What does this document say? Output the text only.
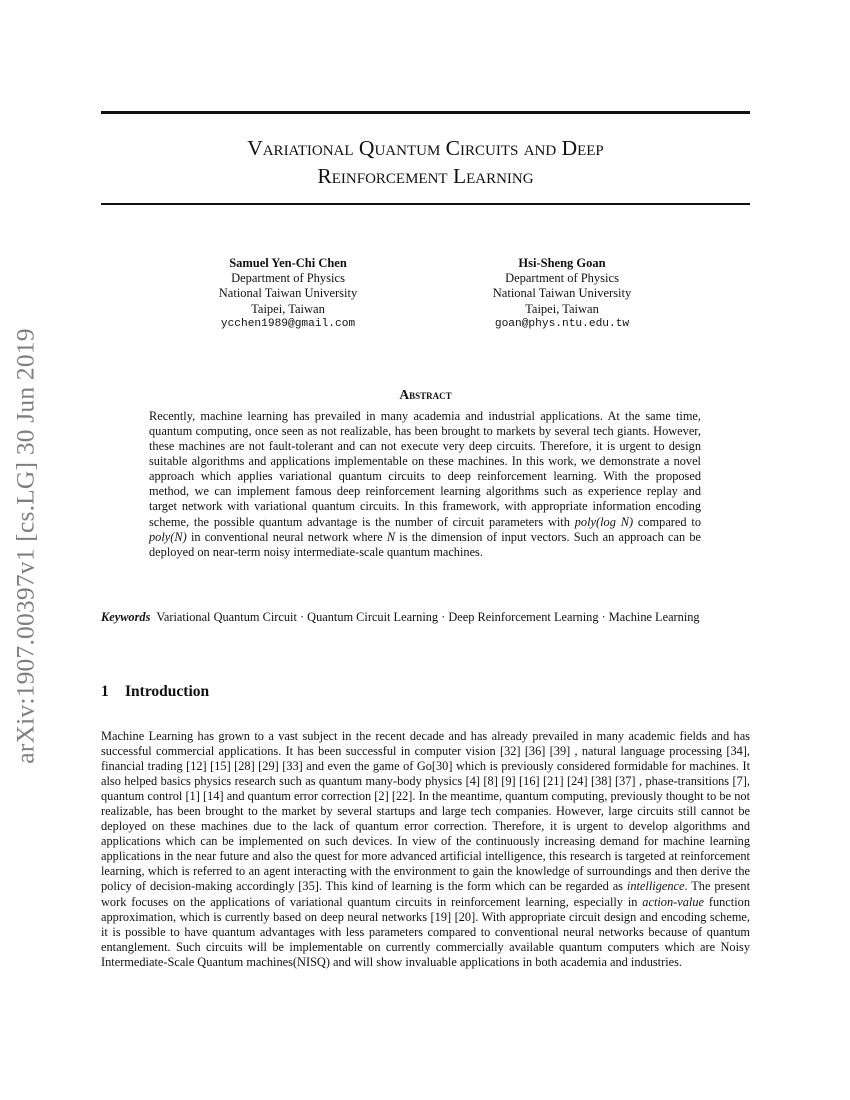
arXiv:1907.00397v1 [cs.LG] 30 Jun 2019
Variational Quantum Circuits and Deep
Reinforcement Learning
Samuel Yen-Chi Chen
Department of Physics
National Taiwan University
Taipei, Taiwan
ycchen1989@gmail.com
Hsi-Sheng Goan
Department of Physics
National Taiwan University
Taipei, Taiwan
goan@phys.ntu.edu.tw
Abstract

Recently, machine learning has prevailed in many academia and industrial applications. At the same time, quantum computing, once seen as not realizable, has been brought to markets by several tech giants. However, these machines are not fault-tolerant and can not execute very deep circuits. Therefore, it is urgent to design suitable algorithms and applications implementable on these machines. In this work, we demonstrate a novel approach which applies variational quantum circuits to deep reinforcement learning. With the proposed method, we can implement famous deep reinforcement learning algorithms such as experience replay and target network with variational quantum circuits. In this framework, with appropriate information encoding scheme, the possible quantum advantage is the number of circuit parameters with poly(log N) compared to poly(N) in conventional neural network where N is the dimension of input vectors. Such an approach can be deployed on near-term noisy intermediate-scale quantum machines.

Keywords Variational Quantum Circuit · Quantum Circuit Learning · Deep Reinforcement Learning · Machine Learning

1 Introduction

Machine Learning has grown to a vast subject in the recent decade and has already prevailed in many academic fields and has successful commercial applications. It has been successful in computer vision [32] [36] [39] , natural language processing [34], financial trading [12] [15] [28] [29] [33] and even the game of Go[30] which is previously considered formidable for machines. It also helped basics physics research such as quantum many-body physics [4] [8] [9] [16] [21] [24] [38] [37] , phase-transitions [7], quantum control [1] [14] and quantum error correction [2] [22]. In the meantime, quantum computing, previously thought to be not realizable, has been brought to the market by several startups and large tech companies. However, large circuits still cannot be deployed on these machines due to the lack of quantum error correction. Therefore, it is urgent to develop algorithms and applications which can be implemented on such devices. In view of the continuously increasing demand for machine learning applications in the near future and also the quest for more advanced artificial intelligence, this research is targeted at reinforcement learning, which is referred to an agent interacting with the environment to gain the knowledge of surroundings and then derive the policy of decision-making accordingly [35]. This kind of learning is the form which can be regarded as intelligence. The present work focuses on the applications of variational quantum circuits in reinforcement learning, especially in action-value function approximation, which is currently based on deep neural networks [19] [20]. With appropriate circuit design and encoding scheme, it is possible to have quantum advantages with less parameters compared to conventional neural networks because of quantum entanglement. Such circuits will be implementable on currently commercially available quantum computers which are Noisy Intermediate-Scale Quantum machines(NISQ) and will show invaluable applications in both academia and industries.
